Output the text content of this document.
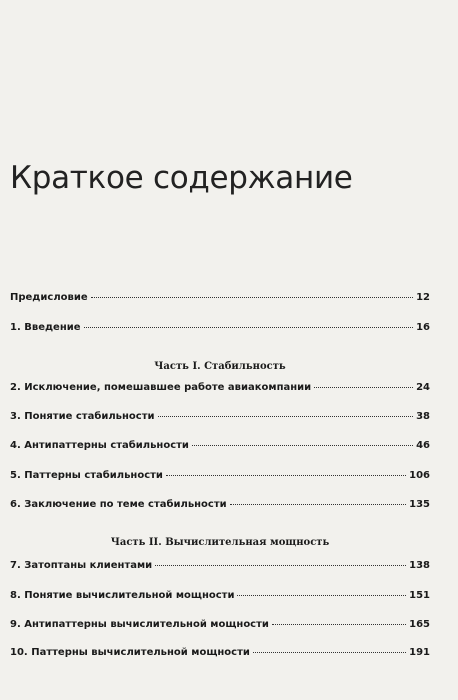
Краткое содержание
Предисловие	12
1. Введение	16
Часть I. Стабильность
2. Исключение, помешавшее работе авиакомпании	24
3. Понятие стабильности	38
4. Антипаттерны стабильности	46
5. Паттерны стабильности	106
6. Заключение по теме стабильности	135
Часть II. Вычислительная мощность
7. Затоптаны клиентами	138
8. Понятие вычислительной мощности	151
9. Антипаттерны вычислительной мощности	165
10. Паттерны вычислительной мощности	191
